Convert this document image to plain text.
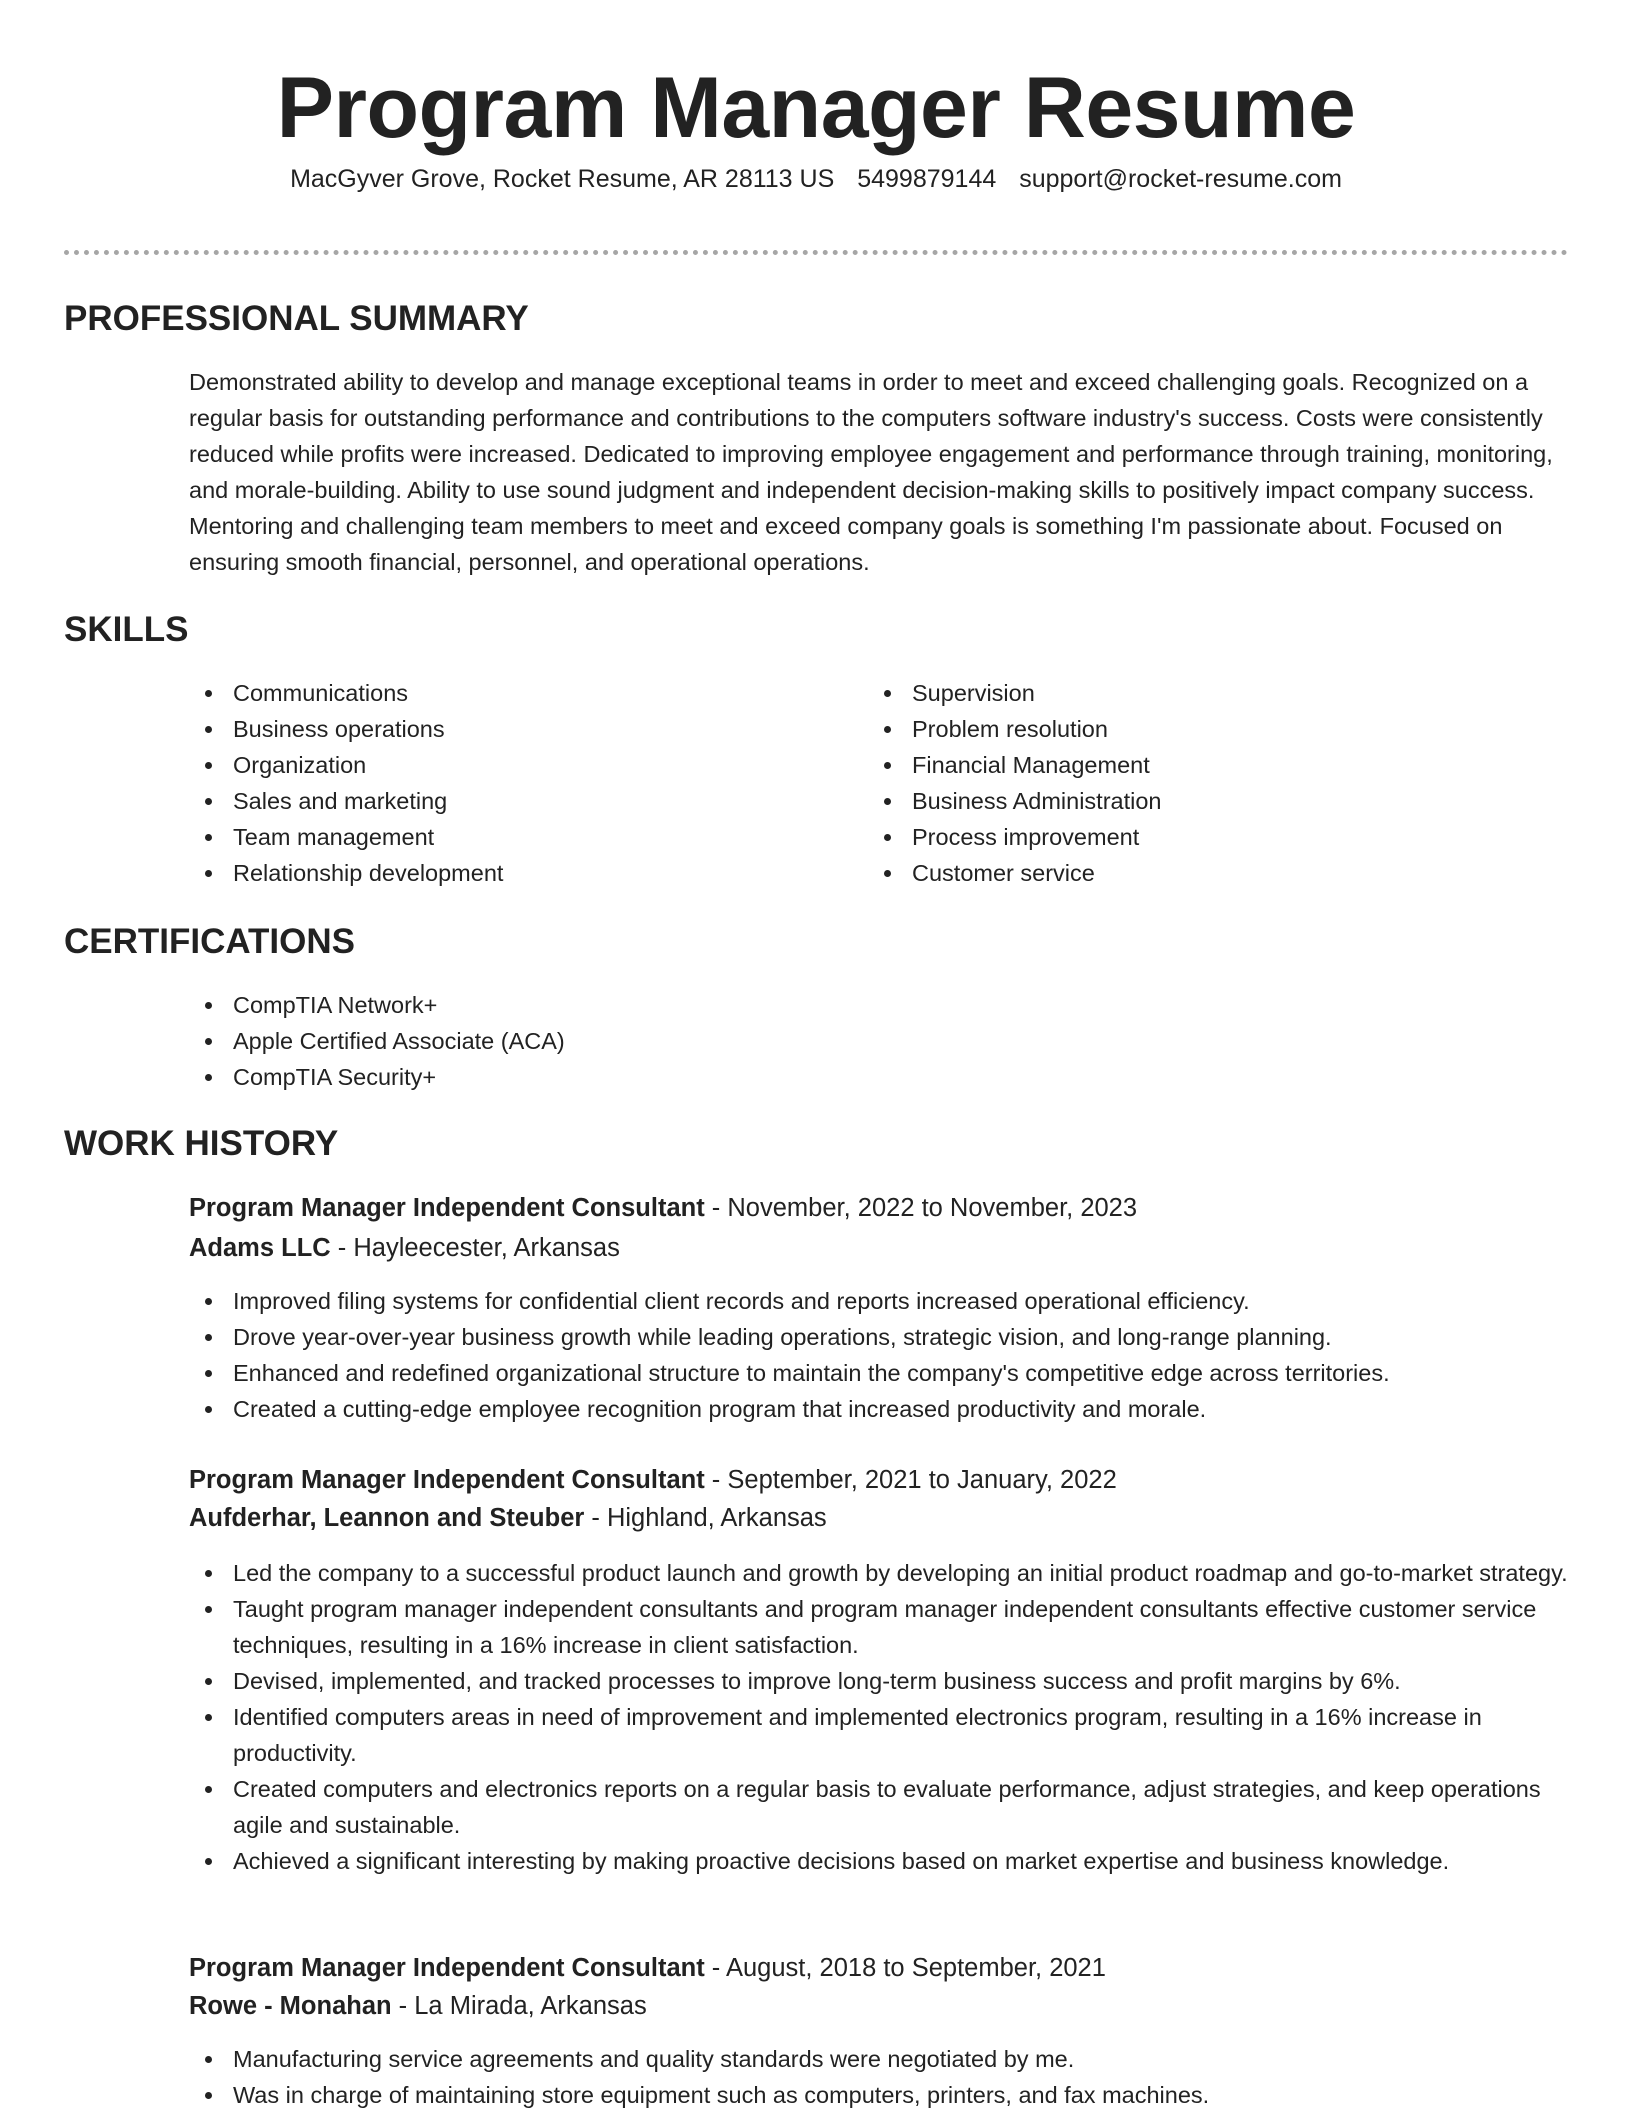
Program Manager Resume
MacGyver Grove, Rocket Resume, AR 28113 US 5499879144 support@rocket-resume.com
PROFESSIONAL SUMMARY

Demonstrated ability to develop and manage exceptional teams in order to meet and exceed challenging goals. Recognized on a regular basis for outstanding performance and contributions to the computers software industry's success. Costs were consistently reduced while profits were increased. Dedicated to improving employee engagement and performance through training, monitoring, and morale-building. Ability to use sound judgment and independent decision-making skills to positively impact company success. Mentoring and challenging team members to meet and exceed company goals is something I'm passionate about. Focused on ensuring smooth financial, personnel, and operational operations.

SKILLS
Communications
Business operations
Organization
Sales and marketing
Team management
Relationship development
Supervision
Problem resolution
Financial Management
Business Administration
Process improvement
Customer service
CERTIFICATIONS
CompTIA Network+
Apple Certified Associate (ACA)
CompTIA Security+
WORK HISTORY
Program Manager Independent Consultant - November, 2022 to November, 2023
Adams LLC - Hayleecester, Arkansas
Improved filing systems for confidential client records and reports increased operational efficiency.
Drove year-over-year business growth while leading operations, strategic vision, and long-range planning.
Enhanced and redefined organizational structure to maintain the company's competitive edge across territories.
Created a cutting-edge employee recognition program that increased productivity and morale.
Program Manager Independent Consultant - September, 2021 to January, 2022
Aufderhar, Leannon and Steuber - Highland, Arkansas
Led the company to a successful product launch and growth by developing an initial product roadmap and go-to-market strategy.
Taught program manager independent consultants and program manager independent consultants effective customer service techniques, resulting in a 16% increase in client satisfaction.
Devised, implemented, and tracked processes to improve long-term business success and profit margins by 6%.
Identified computers areas in need of improvement and implemented electronics program, resulting in a 16% increase in productivity.
Created computers and electronics reports on a regular basis to evaluate performance, adjust strategies, and keep operations agile and sustainable.
Achieved a significant interesting by making proactive decisions based on market expertise and business knowledge.
Program Manager Independent Consultant - August, 2018 to September, 2021
Rowe - Monahan - La Mirada, Arkansas
Manufacturing service agreements and quality standards were negotiated by me.
Was in charge of maintaining store equipment such as computers, printers, and fax machines.
